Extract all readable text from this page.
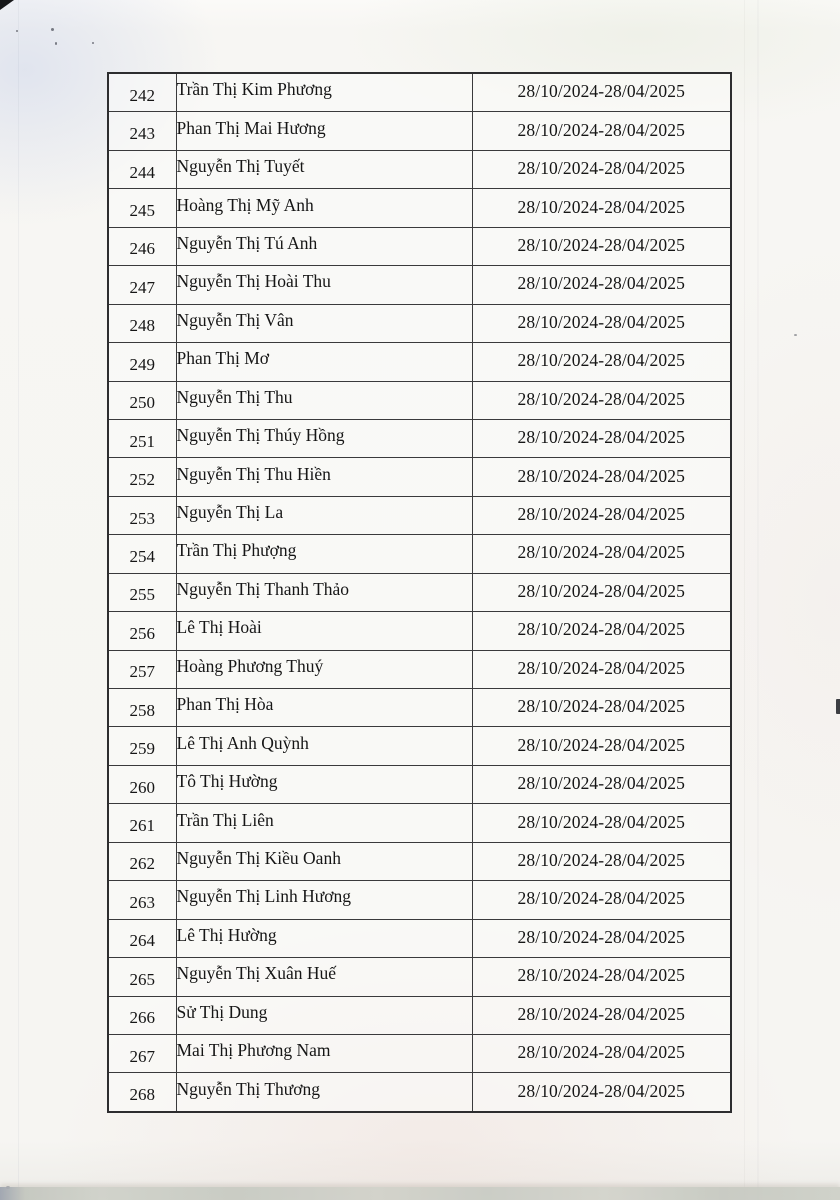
242	Trần Thị Kim Phương	28/10/2024-28/04/2025
243	Phan Thị Mai Hương	28/10/2024-28/04/2025
244	Nguyễn Thị Tuyết	28/10/2024-28/04/2025
245	Hoàng Thị Mỹ Anh	28/10/2024-28/04/2025
246	Nguyễn Thị Tú Anh	28/10/2024-28/04/2025
247	Nguyễn Thị Hoài Thu	28/10/2024-28/04/2025
248	Nguyễn Thị Vân	28/10/2024-28/04/2025
249	Phan Thị Mơ	28/10/2024-28/04/2025
250	Nguyễn Thị Thu	28/10/2024-28/04/2025
251	Nguyễn Thị Thúy Hồng	28/10/2024-28/04/2025
252	Nguyễn Thị Thu Hiền	28/10/2024-28/04/2025
253	Nguyễn Thị La	28/10/2024-28/04/2025
254	Trần Thị Phượng	28/10/2024-28/04/2025
255	Nguyễn Thị Thanh Thảo	28/10/2024-28/04/2025
256	Lê Thị Hoài	28/10/2024-28/04/2025
257	Hoàng Phương Thuý	28/10/2024-28/04/2025
258	Phan Thị Hòa	28/10/2024-28/04/2025
259	Lê Thị Anh Quỳnh	28/10/2024-28/04/2025
260	Tô Thị Hường	28/10/2024-28/04/2025
261	Trần Thị Liên	28/10/2024-28/04/2025
262	Nguyễn Thị Kiều Oanh	28/10/2024-28/04/2025
263	Nguyễn Thị Linh Hương	28/10/2024-28/04/2025
264	Lê Thị Hường	28/10/2024-28/04/2025
265	Nguyễn Thị Xuân Huế	28/10/2024-28/04/2025
266	Sử Thị Dung	28/10/2024-28/04/2025
267	Mai Thị Phương Nam	28/10/2024-28/04/2025
268	Nguyễn Thị Thương	28/10/2024-28/04/2025
